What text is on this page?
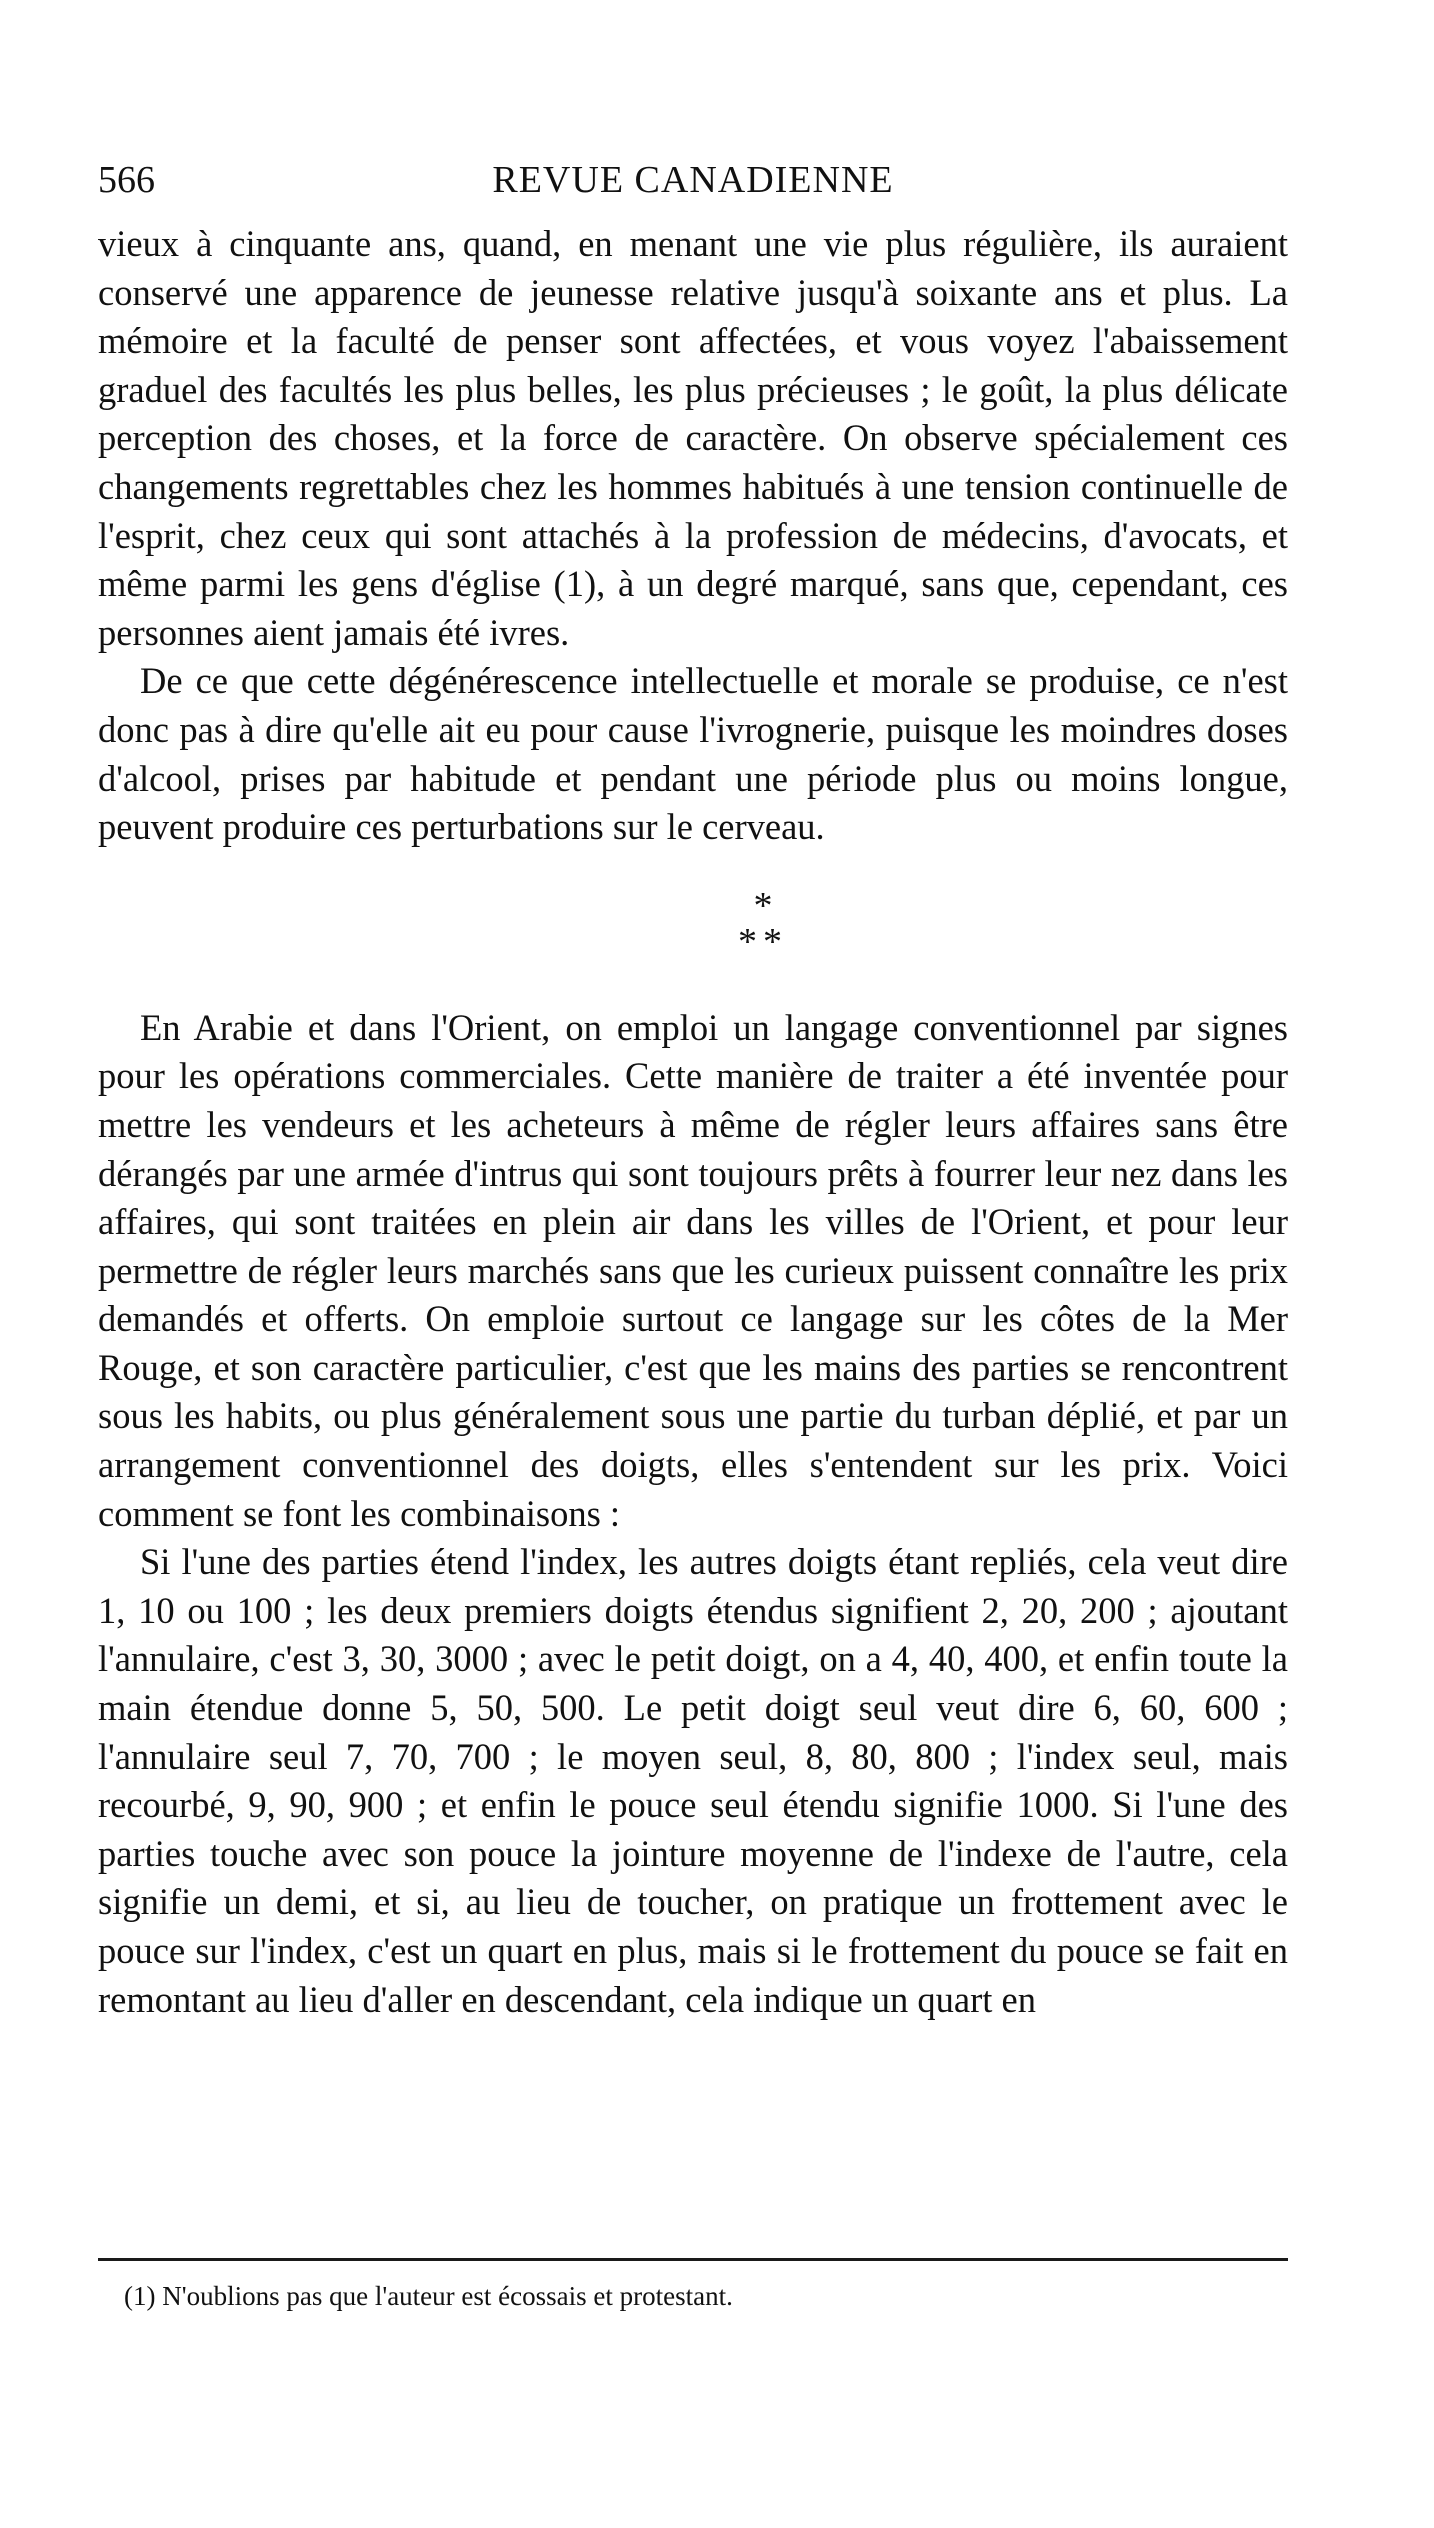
566	REVUE CANADIENNE

vieux à cinquante ans, quand, en menant une vie plus régulière, ils auraient conservé une apparence de jeunesse relative jusqu'à soixante ans et plus. La mémoire et la faculté de penser sont affectées, et vous voyez l'abaissement graduel des facultés les plus belles, les plus précieuses ; le goût, la plus délicate perception des choses, et la force de caractère. On observe spécialement ces changements regrettables chez les hommes habitués à une tension continuelle de l'esprit, chez ceux qui sont attachés à la profession de médecins, d'avocats, et même parmi les gens d'église (1), à un degré marqué, sans que, cependant, ces personnes aient jamais été ivres.

De ce que cette dégénérescence intellectuelle et morale se produise, ce n'est donc pas à dire qu'elle ait eu pour cause l'ivrognerie, puisque les moindres doses d'alcool, prises par habitude et pendant une période plus ou moins longue, peuvent produire ces perturbations sur le cerveau.

*
**

En Arabie et dans l'Orient, on emploi un langage conventionnel par signes pour les opérations commerciales. Cette manière de traiter a été inventée pour mettre les vendeurs et les acheteurs à même de régler leurs affaires sans être dérangés par une armée d'intrus qui sont toujours prêts à fourrer leur nez dans les affaires, qui sont traitées en plein air dans les villes de l'Orient, et pour leur permettre de régler leurs marchés sans que les curieux puissent connaître les prix demandés et offerts. On emploie surtout ce langage sur les côtes de la Mer Rouge, et son caractère particulier, c'est que les mains des parties se rencontrent sous les habits, ou plus généralement sous une partie du turban déplié, et par un arrangement conventionnel des doigts, elles s'entendent sur les prix. Voici comment se font les combinaisons :

Si l'une des parties étend l'index, les autres doigts étant repliés, cela veut dire 1, 10 ou 100 ; les deux premiers doigts étendus signifient 2, 20, 200 ; ajoutant l'annulaire, c'est 3, 30, 3000 ; avec le petit doigt, on a 4, 40, 400, et enfin toute la main étendue donne 5, 50, 500. Le petit doigt seul veut dire 6, 60, 600 ; l'annulaire seul 7, 70, 700 ; le moyen seul, 8, 80, 800 ; l'index seul, mais recourbé, 9, 90, 900 ; et enfin le pouce seul étendu signifie 1000. Si l'une des parties touche avec son pouce la jointure moyenne de l'indexe de l'autre, cela signifie un demi, et si, au lieu de toucher, on pratique un frottement avec le pouce sur l'index, c'est un quart en plus, mais si le frottement du pouce se fait en remontant au lieu d'aller en descendant, cela indique un quart en

(1) N'oublions pas que l'auteur est écossais et protestant.
